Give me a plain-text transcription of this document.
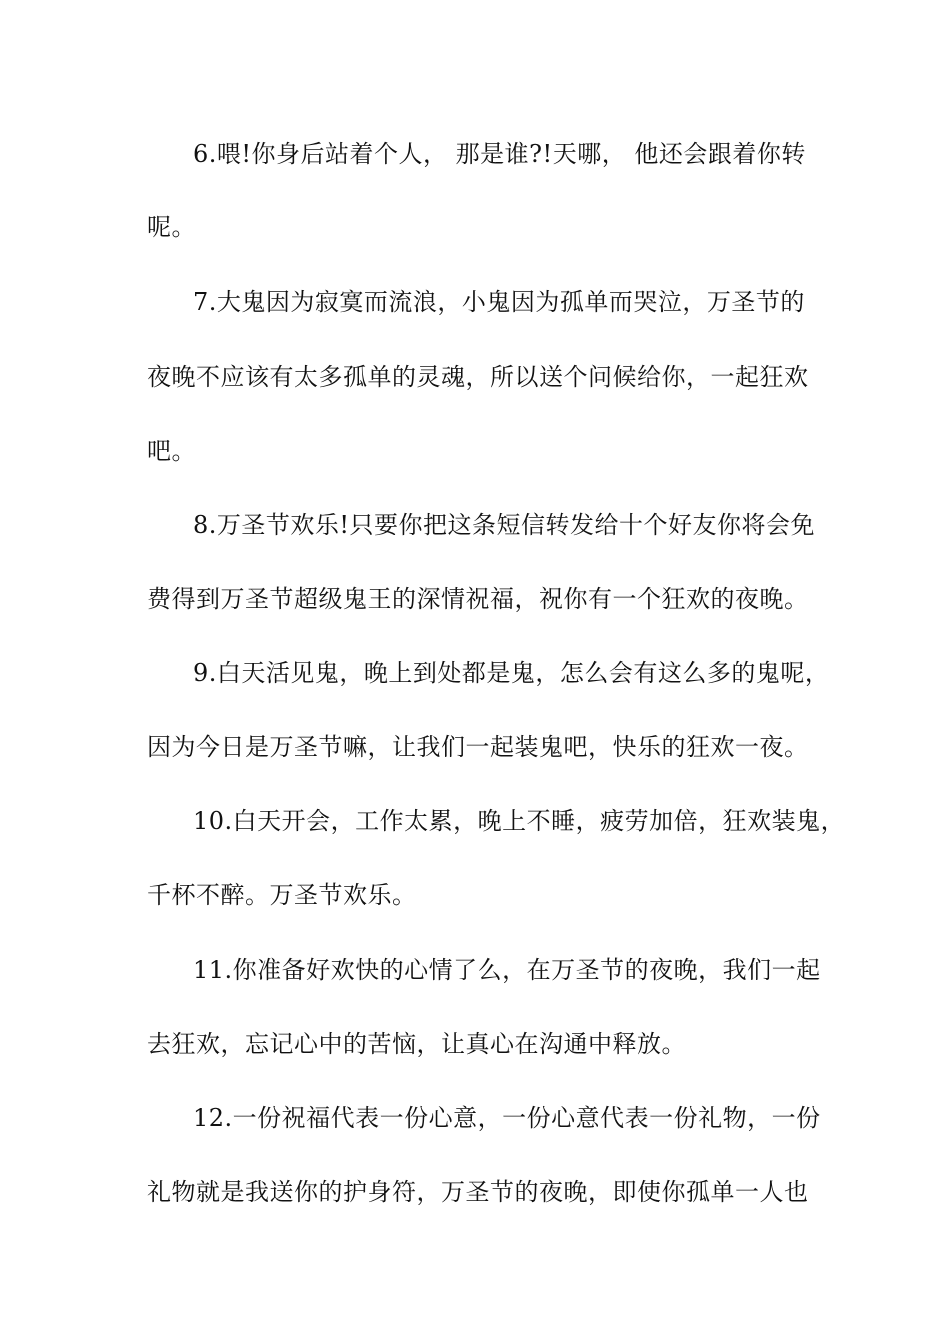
6.喂!你身后站着个人， 那是谁?!天哪， 他还会跟着你转
呢。
7.大鬼因为寂寞而流浪，小鬼因为孤单而哭泣，万圣节的
夜晚不应该有太多孤单的灵魂，所以送个问候给你，一起狂欢
吧。
8.万圣节欢乐!只要你把这条短信转发给十个好友你将会免
费得到万圣节超级鬼王的深情祝福，祝你有一个狂欢的夜晚。
9.白天活见鬼，晚上到处都是鬼，怎么会有这么多的鬼呢，
因为今日是万圣节嘛，让我们一起装鬼吧，快乐的狂欢一夜。
10.白天开会，工作太累，晚上不睡，疲劳加倍，狂欢装鬼，
千杯不醉。万圣节欢乐。
11.你准备好欢快的心情了么，在万圣节的夜晚，我们一起
去狂欢，忘记心中的苦恼，让真心在沟通中释放。
12.一份祝福代表一份心意，一份心意代表一份礼物，一份
礼物就是我送你的护身符，万圣节的夜晚，即使你孤单一人也
